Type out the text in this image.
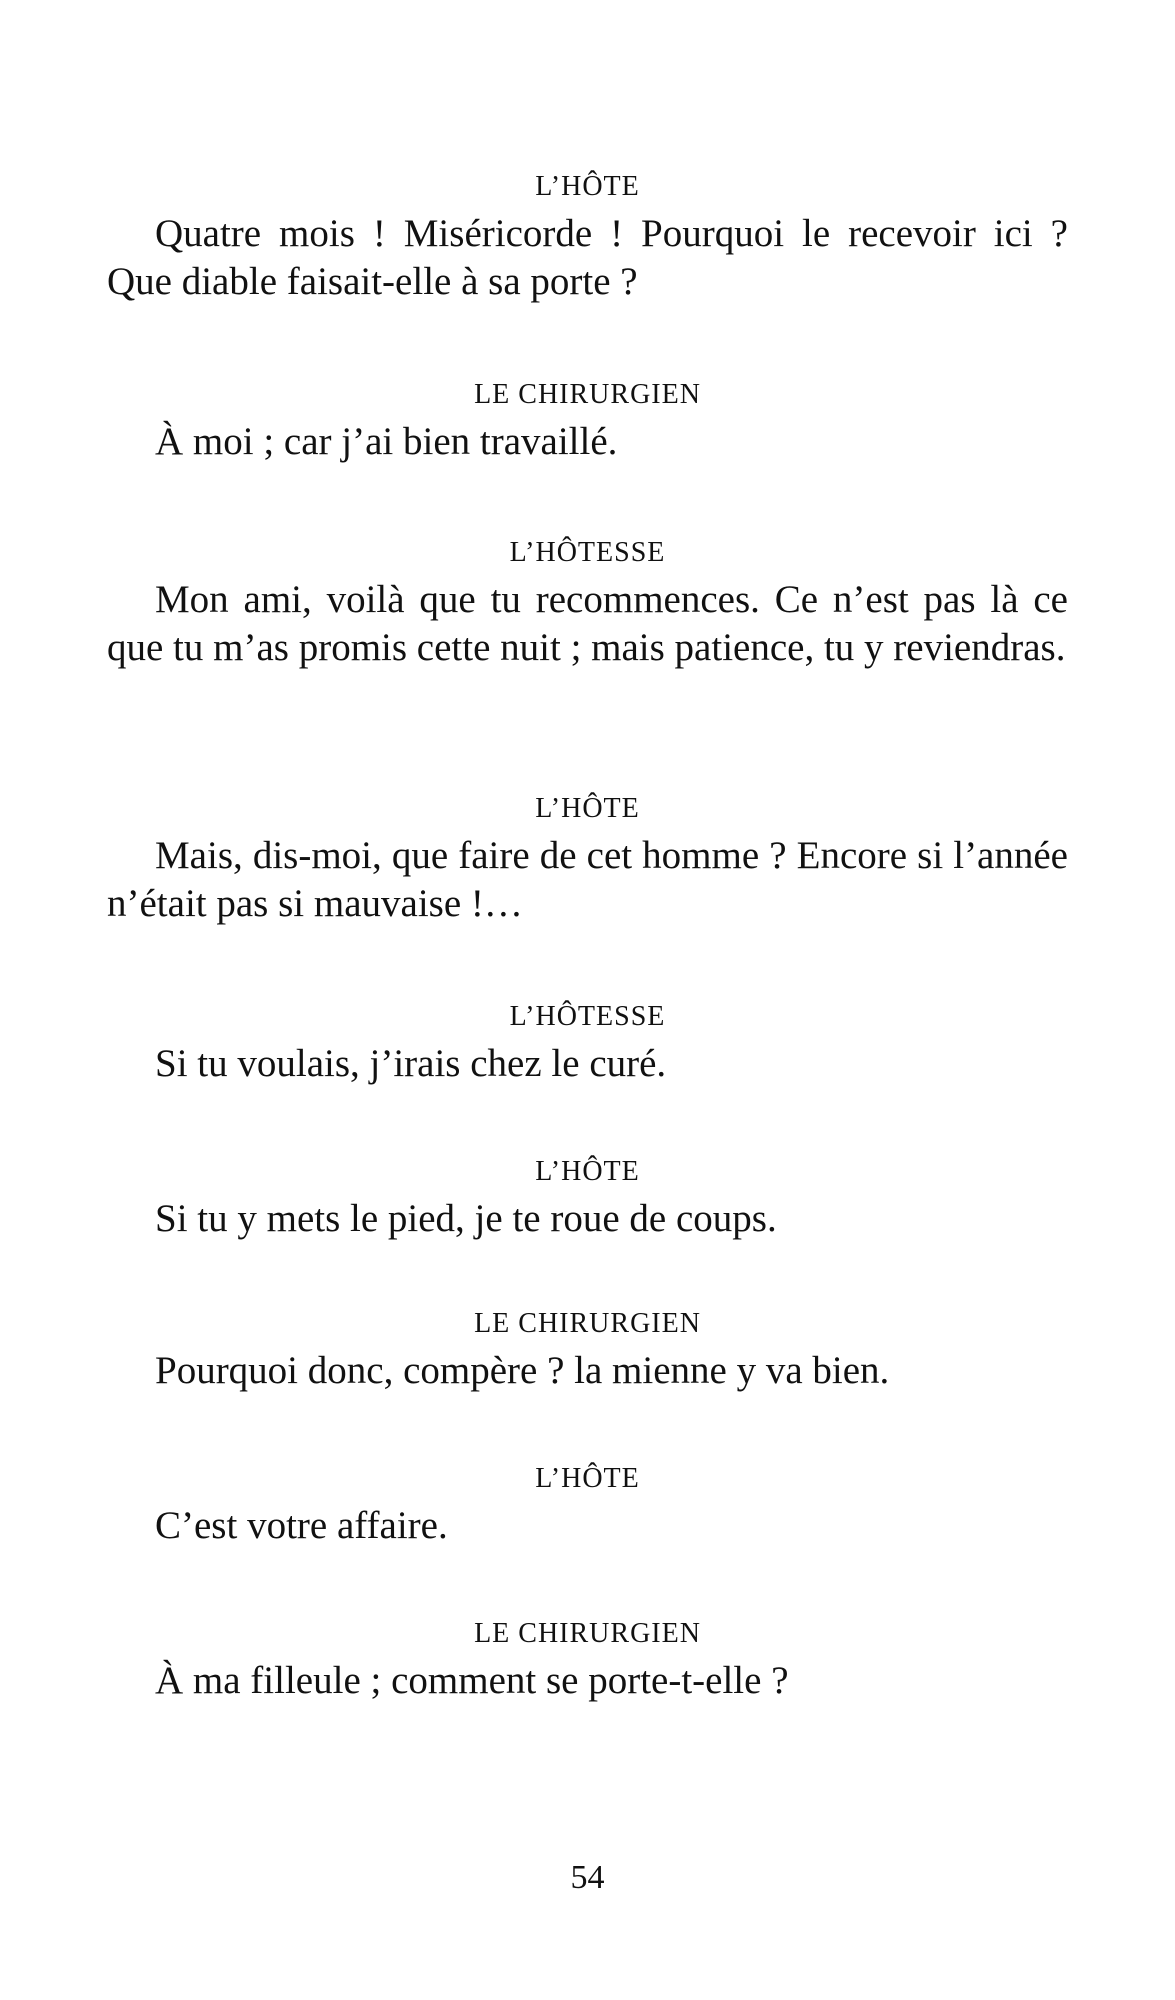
L’HÔTE

Quatre mois ! Miséricorde ! Pourquoi le recevoir ici ? Que diable faisait-elle à sa porte ?

LE CHIRURGIEN

À moi ; car j’ai bien travaillé.

L’HÔTESSE

Mon ami, voilà que tu recommences. Ce n’est pas là ce que tu m’as promis cette nuit ; mais patience, tu y reviendras.

L’HÔTE

Mais, dis-moi, que faire de cet homme ? Encore si l’année n’était pas si mauvaise !…

L’HÔTESSE

Si tu voulais, j’irais chez le curé.

L’HÔTE

Si tu y mets le pied, je te roue de coups.

LE CHIRURGIEN

Pourquoi donc, compère ? la mienne y va bien.

L’HÔTE

C’est votre affaire.

LE CHIRURGIEN

À ma filleule ; comment se porte-t-elle ?

54
